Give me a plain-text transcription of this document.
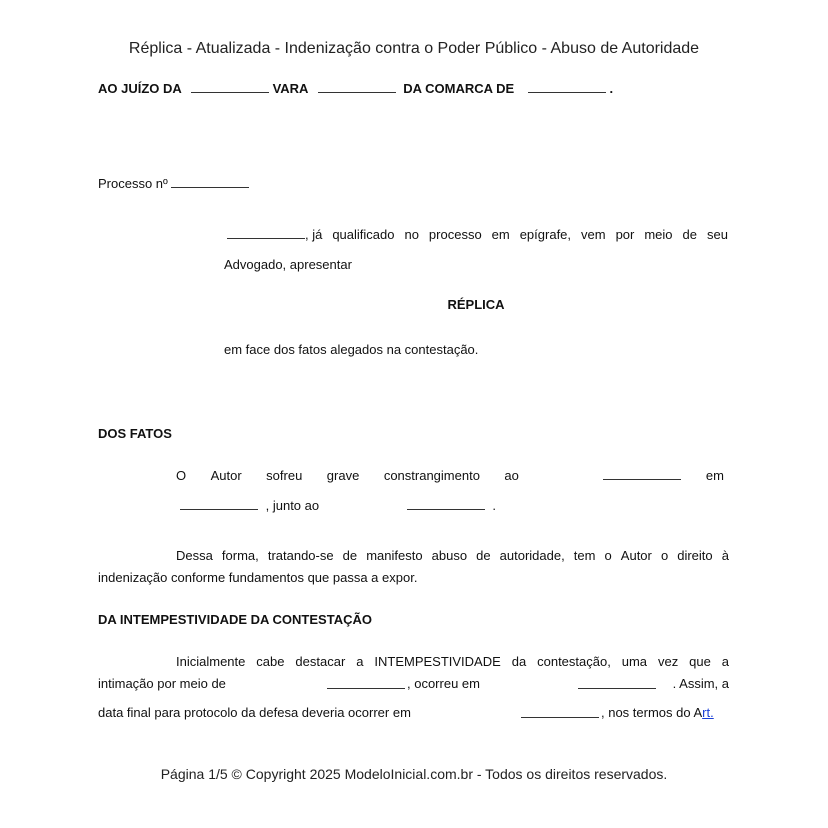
Réplica - Atualizada - Indenização contra o Poder Público - Abuso de Autoridade
AO JUÍZO DA	VARA	DA COMARCA DE	.
Processo nº
, já qualificado no processo em epígrafe, vem por meio de seu
Advogado, apresentar
RÉPLICA
em face dos fatos alegados na contestação.
DOS FATOS
O Autor sofreu grave constrangimento ao	em
, junto ao	.
Dessa forma, tratando-se de manifesto abuso de autoridade, tem o Autor o direito à
indenização conforme fundamentos que passa a expor.
DA INTEMPESTIVIDADE DA CONTESTAÇÃO
Inicialmente cabe destacar a INTEMPESTIVIDADE da contestação, uma vez que a
intimação por meio de	, ocorreu em	. Assim, a
data final para protocolo da defesa deveria ocorrer em	, nos termos do Art.
Página 1/5 © Copyright 2025 ModeloInicial.com.br - Todos os direitos reservados.
